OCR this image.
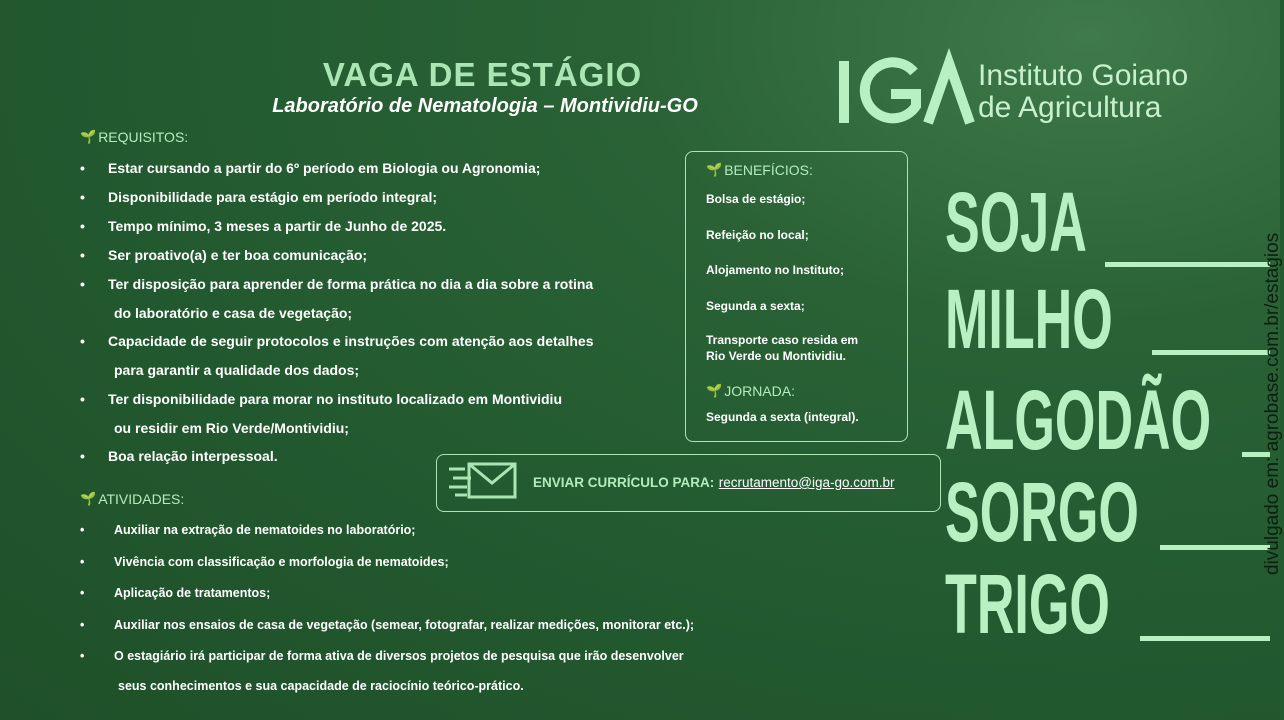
VAGA DE ESTÁGIO
Laboratório de Nematologia – Montividiu-GO
Instituto Goiano
de Agricultura
🌱 REQUISITOS:
• Estar cursando a partir do 6º período em Biologia ou Agronomia;
• Disponibilidade para estágio em período integral;
• Tempo mínimo, 3 meses a partir de Junho de 2025.
• Ser proativo(a) e ter boa comunicação;
• Ter disposição para aprender de forma prática no dia a dia sobre a rotina
do laboratório e casa de vegetação;
• Capacidade de seguir protocolos e instruções com atenção aos detalhes
para garantir a qualidade dos dados;
• Ter disponibilidade para morar no instituto localizado em Montividiu
ou residir em Rio Verde/Montividiu;
• Boa relação interpessoal.
🌱 BENEFÍCIOS:

Bolsa de estágio;

Refeição no local;

Alojamento no Instituto;

Segunda a sexta;

Transporte caso resida em

Rio Verde ou Montividiu.

🌱 JORNADA:

Segunda a sexta (integral).

ENVIAR CURRÍCULO PARA: recrutamento@iga-go.com.br
🌱 ATIVIDADES:
• Auxiliar na extração de nematoides no laboratório;
• Vivência com classificação e morfologia de nematoides;
• Aplicação de tratamentos;
• Auxiliar nos ensaios de casa de vegetação (semear, fotografar, realizar medições, monitorar etc.);
• O estagiário irá participar de forma ativa de diversos projetos de pesquisa que irão desenvolver
seus conhecimentos e sua capacidade de raciocínio teórico-prático.
SOJA
MILHO
ALGODÃO
SORGO
TRIGO
divulgado em: agrobase.com.br/estagios
